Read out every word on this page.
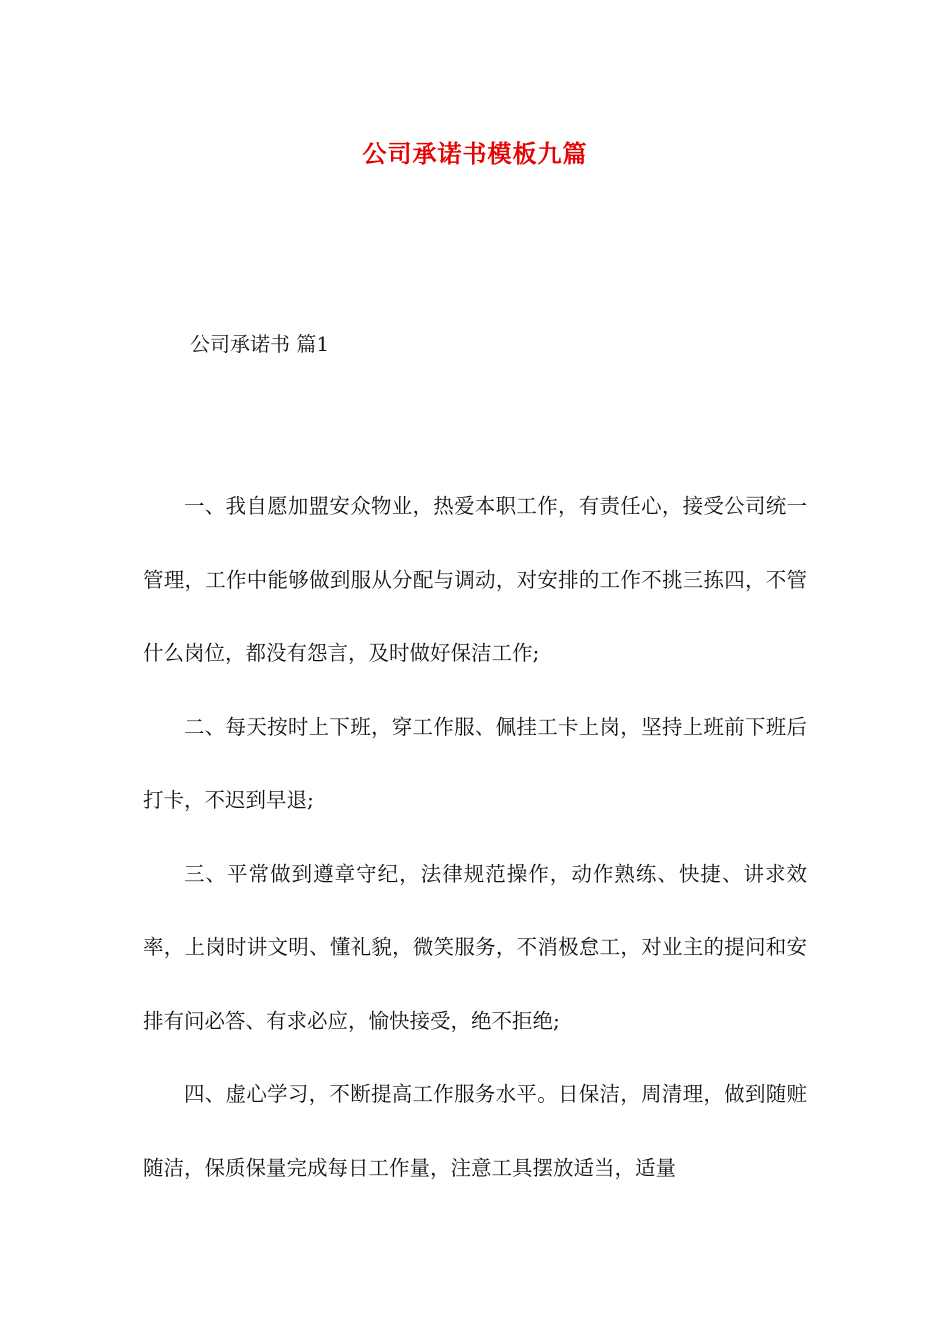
公司承诺书模板九篇
公司承诺书 篇1

一、我自愿加盟安众物业，热爱本职工作，有责任心，接受公司统一管理，工作中能够做到服从分配与调动，对安排的工作不挑三拣四，不管什么岗位，都没有怨言，及时做好保洁工作;

二、每天按时上下班，穿工作服、佩挂工卡上岗，坚持上班前下班后打卡，不迟到早退;

三、平常做到遵章守纪，法律规范操作，动作熟练、快捷、讲求效率，上岗时讲文明、懂礼貌，微笑服务，不消极怠工，对业主的提问和安排有问必答、有求必应，愉快接受，绝不拒绝;

四、虚心学习，不断提高工作服务水平。日保洁，周清理，做到随赃随洁，保质保量完成每日工作量，注意工具摆放适当，适量
